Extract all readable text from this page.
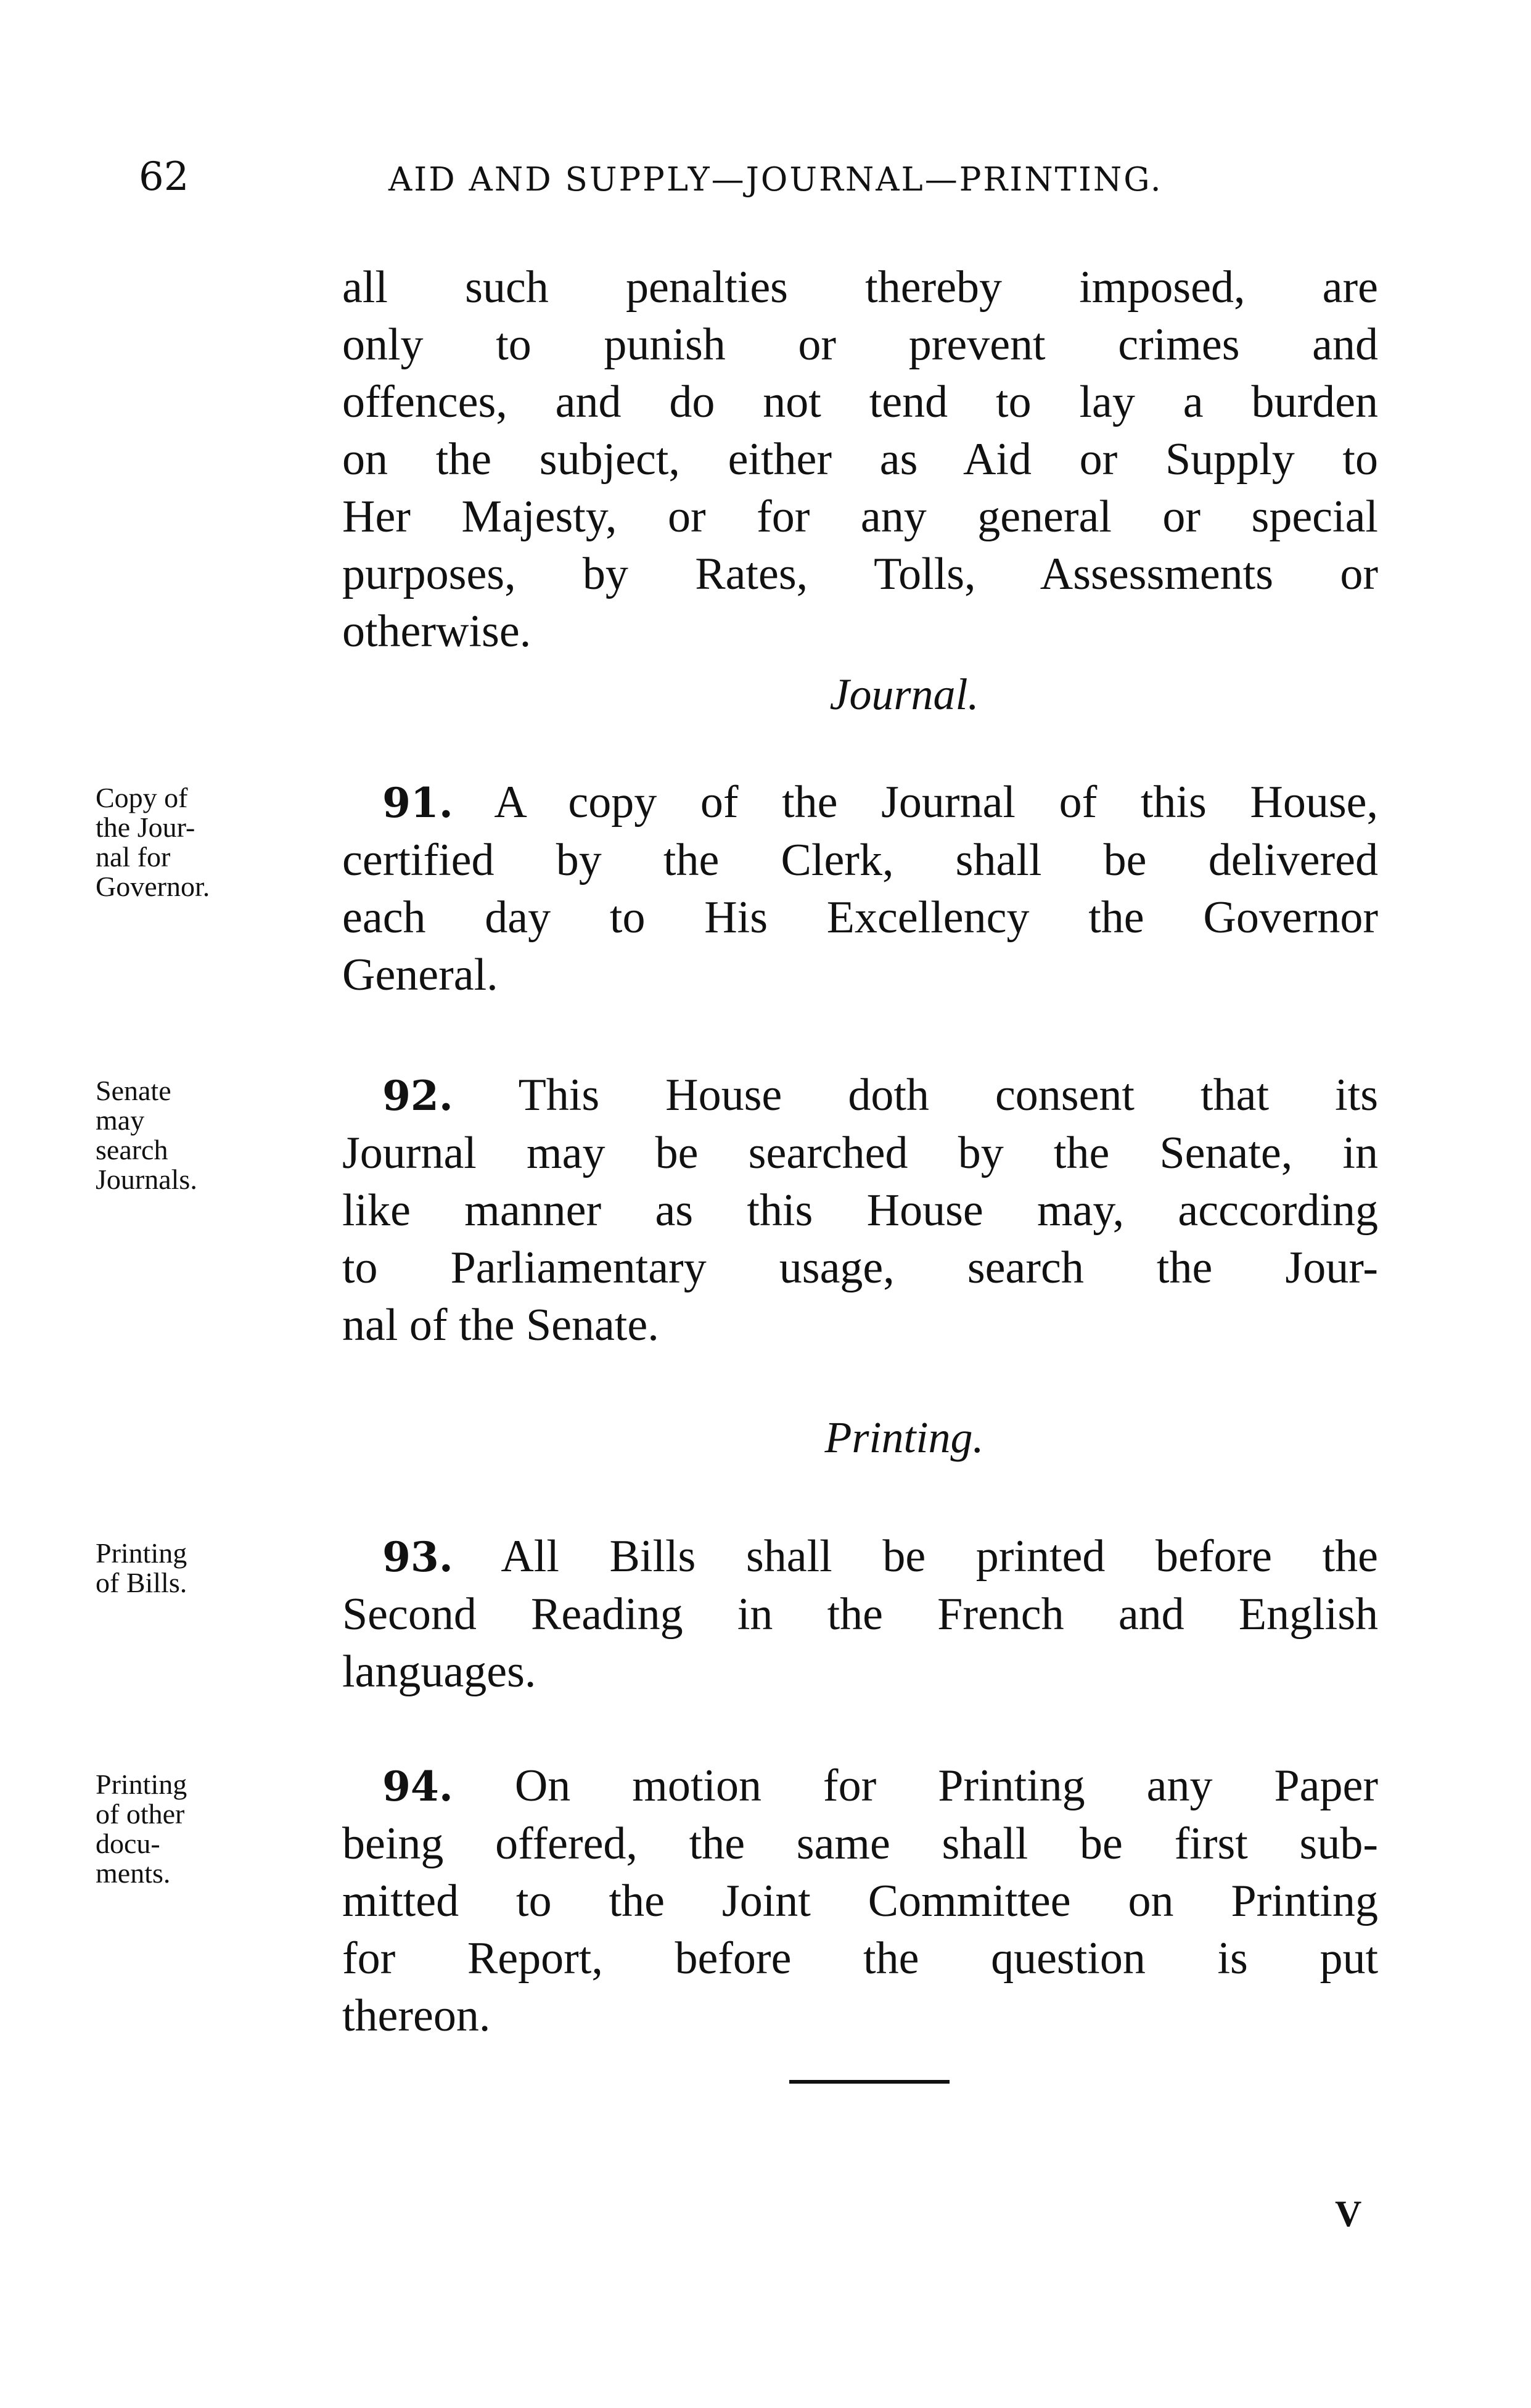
62	AID AND SUPPLY—JOURNAL—PRINTING.
all such penalties thereby imposed, are
only to punish or prevent crimes and
offences, and do not tend to lay a burden
on the subject, either as Aid or Supply to
Her Majesty, or for any general or special
purposes, by Rates, Tolls, Assessments or
otherwise.
Journal.
Copy of
the Jour-
nal for
Governor.
91. A copy of the Journal of this House,
certified by the Clerk, shall be delivered
each day to His Excellency the Governor
General.
Senate
may
search
Journals.
92. This House doth consent that its
Journal may be searched by the Senate, in
like manner as this House may, acccording
to Parliamentary usage, search the Jour-
nal of the Senate.
Printing.
Printing
of Bills.
93. All Bills shall be printed before the
Second Reading in the French and English
languages.
Printing
of other
docu-
ments.
94. On motion for Printing any Paper
being offered, the same shall be first sub-
mitted to the Joint Committee on Printing
for Report, before the question is put
thereon.
V
